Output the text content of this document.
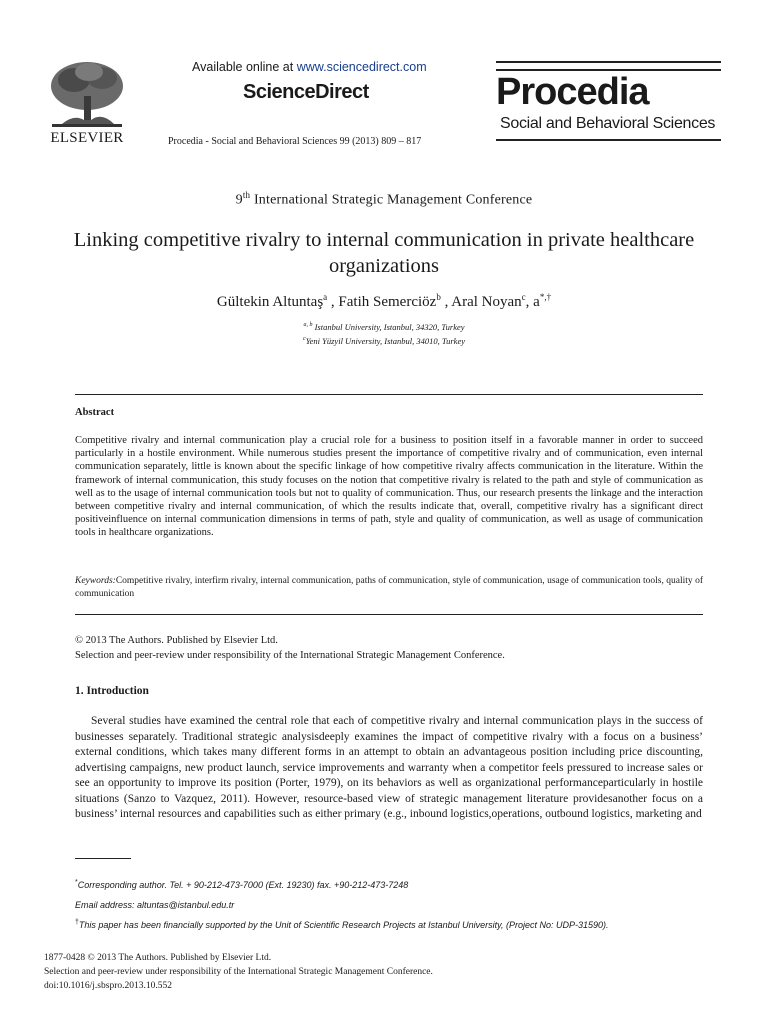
ELSEVIER
Available online at www.sciencedirect.com
ScienceDirect
Procedia - Social and Behavioral Sciences 99 (2013) 809 – 817
Procedia
Social and Behavioral Sciences
9th International Strategic Management Conference
Linking competitive rivalry to internal communication in private healthcare organizations
Gültekin Altuntaş$^a$ , Fatih Semerciöz$^b$ , Aral Noyan$^c$, a*,†
$^{a, b}$ Istanbul University, Istanbul, 34320, Turkey
$^c$Yeni Yüzyil University, Istanbul, 34010, Turkey
Abstract
Competitive rivalry and internal communication play a crucial role for a business to position itself in a favorable manner in order to succeed particularly in a hostile environment. While numerous studies present the importance of competitive rivalry and of communication, even internal communication separately, little is known about the specific linkage of how competitive rivalry affects communication in the literature. Within the framework of internal communication, this study focuses on the notion that competitive rivalry is related to the path and style of communication as well as to the usage of internal communication tools but not to quality of communication. Thus, our research presents the linkage and the interaction between competitive rivalry and internal communication, of which the results indicate that, overall, competitive rivalry has a significant direct positiveinfluence on internal communication dimensions in terms of path, style and quality of communication, as well as usage of communication tools in healthcare organizations.
Keywords:Competitive rivalry, interfirm rivalry, internal communication, paths of communication, style of communication, usage of communication tools, quality of communication
© 2013 The Authors. Published by Elsevier Ltd.
Selection and peer-review under responsibility of the International Strategic Management Conference.
1. Introduction
Several studies have examined the central role that each of competitive rivalry and internal communication plays in the success of businesses separately. Traditional strategic analysisdeeply examines the impact of competitive rivalry with a focus on a business’ external conditions, which takes many different forms in an attempt to obtain an advantageous position including price discounting, advertising campaigns, new product launch, service improvements and warranty when a competitor feels pressured to increase sales or see an opportunity to improve its position (Porter, 1979), on its behaviors as well as organizational performanceparticularly in hostile situations (Sanzo to Vazquez, 2011). However, resource-based view of strategic management literature providesanother focus on a business’ internal resources and capabilities such as either primary (e.g., inbound logistics,operations, outbound logistics, marketing and
*Corresponding author. Tel. + 90-212-473-7000 (Ext. 19230) fax. +90-212-473-7248
Email address: altuntas@istanbul.edu.tr
†This paper has been financially supported by the Unit of Scientific Research Projects at Istanbul University, (Project No: UDP-31590).
1877-0428 © 2013 The Authors. Published by Elsevier Ltd.
Selection and peer-review under responsibility of the International Strategic Management Conference.
doi:10.1016/j.sbspro.2013.10.552
